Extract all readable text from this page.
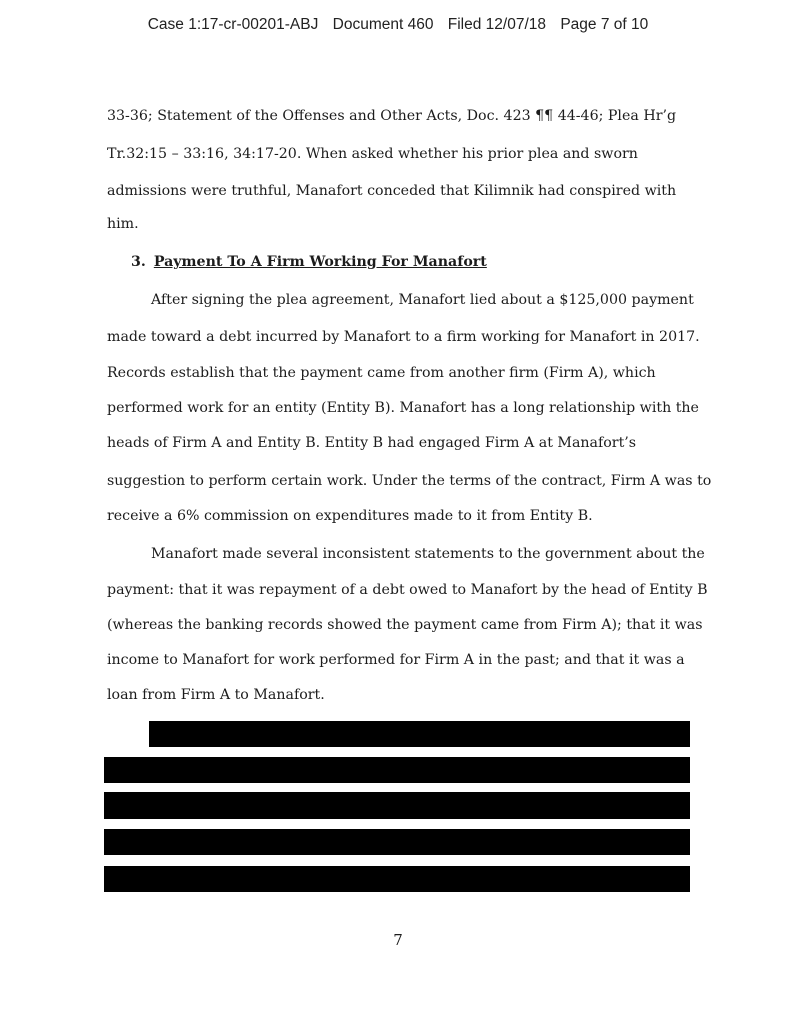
Case 1:17-cr-00201-ABJ Document 460 Filed 12/07/18 Page 7 of 10
33-36; Statement of the Offenses and Other Acts, Doc. 423 ¶¶ 44-46; Plea Hr’g
Tr.32:15 – 33:16, 34:17-20. When asked whether his prior plea and sworn
admissions were truthful, Manafort conceded that Kilimnik had conspired with
him.
3. Payment To A Firm Working For Manafort
After signing the plea agreement, Manafort lied about a $125,000 payment
made toward a debt incurred by Manafort to a firm working for Manafort in 2017.
Records establish that the payment came from another firm (Firm A), which
performed work for an entity (Entity B). Manafort has a long relationship with the
heads of Firm A and Entity B. Entity B had engaged Firm A at Manafort’s
suggestion to perform certain work. Under the terms of the contract, Firm A was to
receive a 6% commission on expenditures made to it from Entity B.
Manafort made several inconsistent statements to the government about the
payment: that it was repayment of a debt owed to Manafort by the head of Entity B
(whereas the banking records showed the payment came from Firm A); that it was
income to Manafort for work performed for Firm A in the past; and that it was a
loan from Firm A to Manafort.
7
